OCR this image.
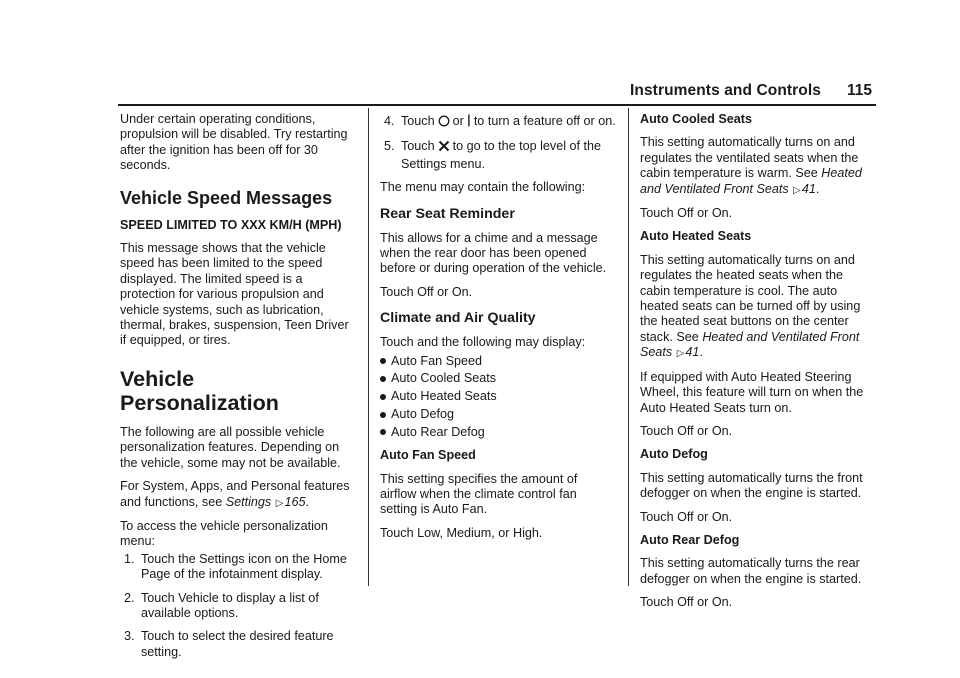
Instruments and Controls 115

Under certain operating conditions, propulsion will be disabled. Try restarting after the ignition has been off for 30 seconds.

Vehicle Speed Messages
SPEED LIMITED TO XXX KM/H (MPH)

This message shows that the vehicle speed has been limited to the speed displayed. The limited speed is a protection for various propulsion and vehicle systems, such as lubrication, thermal, brakes, suspension, Teen Driver if equipped, or tires.

Vehicle Personalization

The following are all possible vehicle personalization features. Depending on the vehicle, some may not be available.

For System, Apps, and Personal features and functions, see Settings ▷165.

To access the vehicle personalization menu:

1. Touch the Settings icon on the Home Page of the infotainment display.
2. Touch Vehicle to display a list of available options.
3. Touch to select the desired feature setting.
4. Touch or to turn a feature off or on.
5. Touch to go to the top level of the Settings menu.

The menu may contain the following:

Rear Seat Reminder

This allows for a chime and a message when the rear door has been opened before or during operation of the vehicle.

Touch Off or On.

Climate and Air Quality

Touch and the following may display:

Auto Fan Speed
Auto Cooled Seats
Auto Heated Seats
Auto Defog
Auto Rear Defog
Auto Fan Speed

This setting specifies the amount of airflow when the climate control fan setting is Auto Fan.

Touch Low, Medium, or High.

Auto Cooled Seats

This setting automatically turns on and regulates the ventilated seats when the cabin temperature is warm. See Heated and Ventilated Front Seats ▷41.

Touch Off or On.

Auto Heated Seats

This setting automatically turns on and regulates the heated seats when the cabin temperature is cool. The auto heated seats can be turned off by using the heated seat buttons on the center stack. See Heated and Ventilated Front Seats ▷41.

If equipped with Auto Heated Steering Wheel, this feature will turn on when the Auto Heated Seats turn on.

Touch Off or On.

Auto Defog

This setting automatically turns the front defogger on when the engine is started.

Touch Off or On.

Auto Rear Defog

This setting automatically turns the rear defogger on when the engine is started.

Touch Off or On.
